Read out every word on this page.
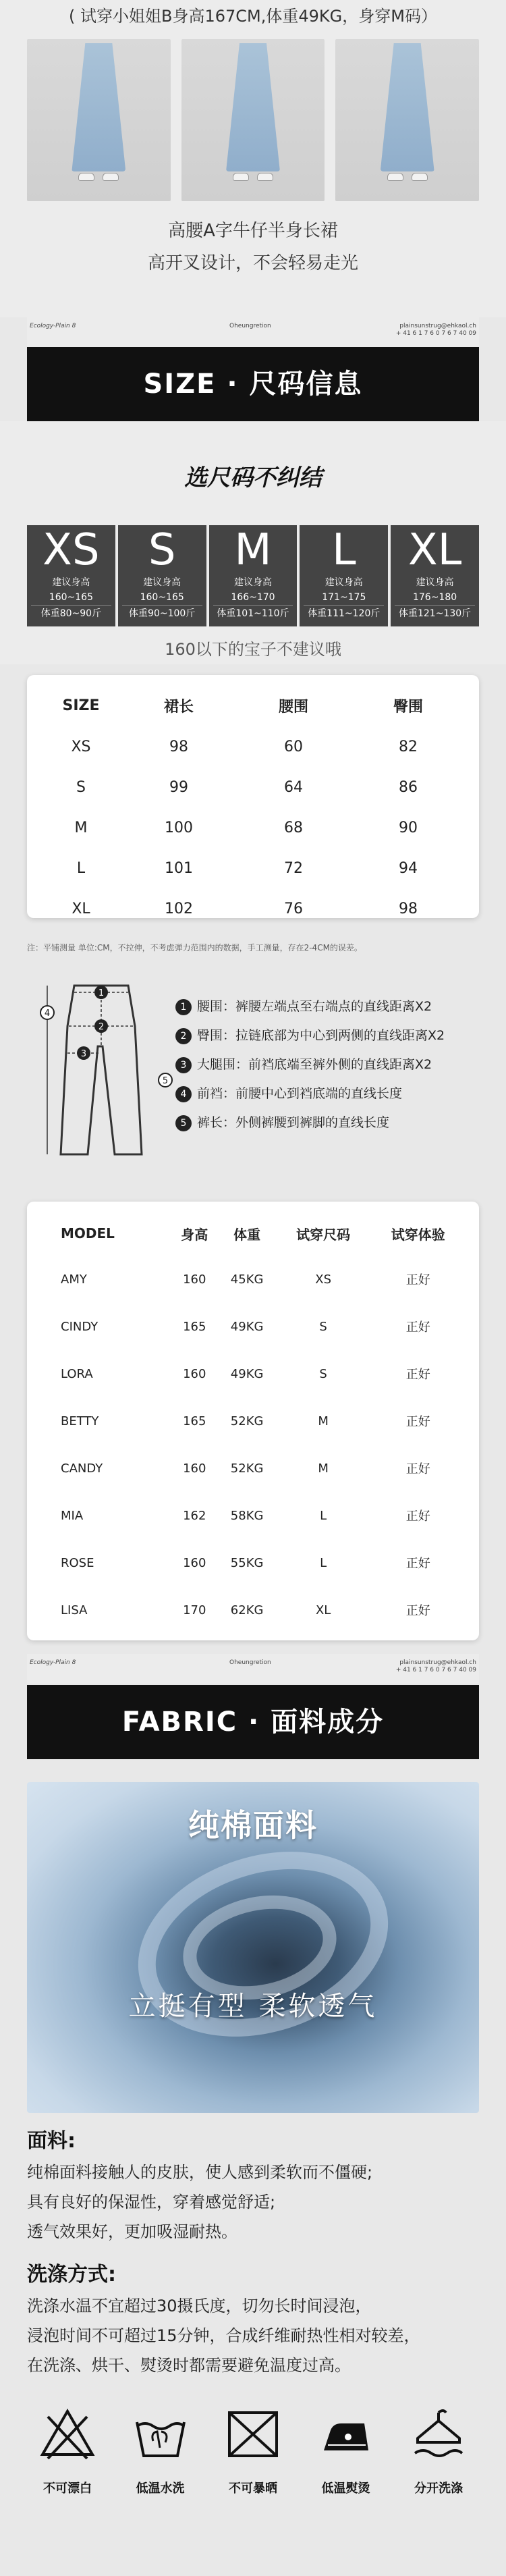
( 试穿小姐姐B身高167CM,体重49KG，身穿M码）
高腰A字牛仔半身长裙
高开叉设计，不会轻易走光
Ecology-Plain 8	Oheungretion	plainsunstrug@ehkaol.ch
+ 41 6 1 7 6 0 7 6 7 40 09
SIZE · 尺码信息
选尺码不纠结
XS
建议身高
160~165
体重80~90斤
S
建议身高
160~165
体重90~100斤
M
建议身高
166~170
体重101~110斤
L
建议身高
171~175
体重111~120斤
XL
建议身高
176~180
体重121~130斤
160以下的宝子不建议哦
SIZE	裙长	腰围	臀围
XS	98	60	82
S	99	64	86
M	100	68	90
L	101	72	94
XL	102	76	98
注：平铺测量 单位:CM，不拉伸，不考虑弹力范围内的数据，手工测量，存在2-4CM的误差。
1
2
3
4
5
1 腰围：裤腰左端点至右端点的直线距离X2
2 臀围：拉链底部为中心到两侧的直线距离X2
3 大腿围：前裆底端至裤外侧的直线距离X2
4 前裆：前腰中心到裆底端的直线长度
5 裤长：外侧裤腰到裤脚的直线长度
MODEL	身高	体重	试穿尺码	试穿体验
AMY	160	45KG	XS	正好
CINDY	165	49KG	S	正好
LORA	160	49KG	S	正好
BETTY	165	52KG	M	正好
CANDY	160	52KG	M	正好
MIA	162	58KG	L	正好
ROSE	160	55KG	L	正好
LISA	170	62KG	XL	正好
Ecology-Plain 8	Oheungretion	plainsunstrug@ehkaol.ch
+ 41 6 1 7 6 0 7 6 7 40 09
FABRIC · 面料成分
纯棉面料
立挺有型 柔软透气
面料:
纯棉面料接触人的皮肤，使人感到柔软而不僵硬;
具有良好的保湿性，穿着感觉舒适;
透气效果好，更加吸湿耐热。
洗涤方式:
洗涤水温不宜超过30摄氏度，切勿长时间浸泡，
浸泡时间不可超过15分钟，合成纤维耐热性相对较差，
在洗涤、烘干、熨烫时都需要避免温度过高。
不可漂白	低温水洗	不可暴晒	低温熨烫	分开洗涤
